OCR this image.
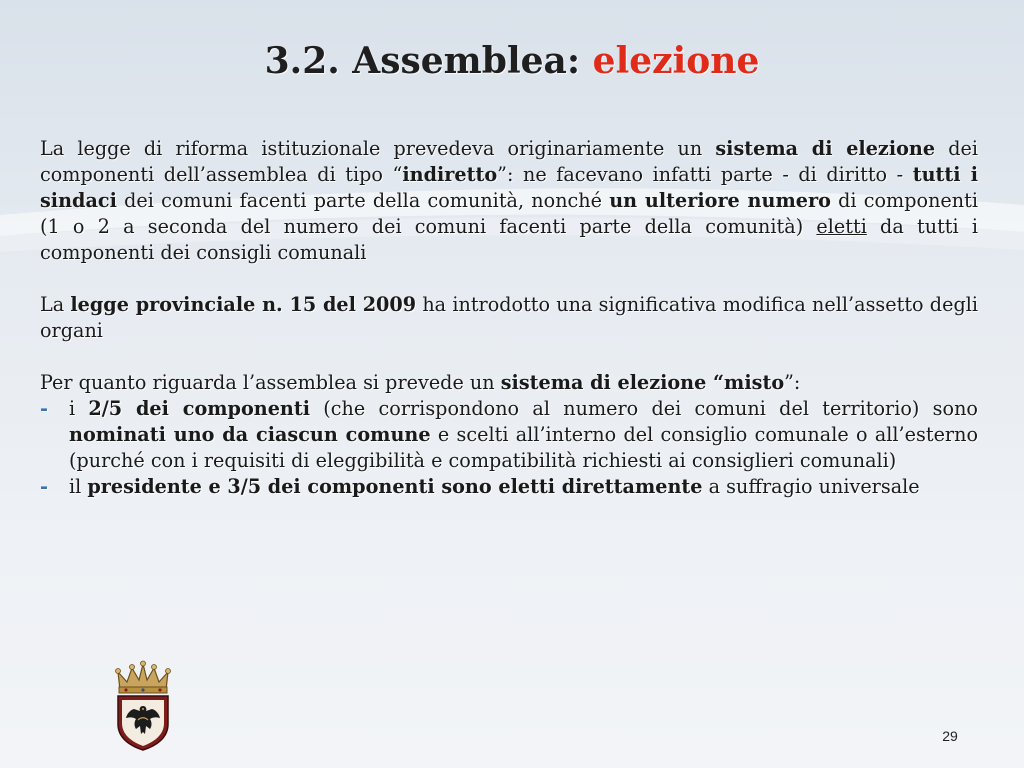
3.2. Assemblea: elezione

La legge di riforma istituzionale prevedeva originariamente un sistema di elezione dei componenti dell’assemblea di tipo “indiretto”: ne facevano infatti parte - di diritto - tutti i sindaci dei comuni facenti parte della comunità, nonché un ulteriore numero di componenti (1 o 2 a seconda del numero dei comuni facenti parte della comunità) eletti da tutti i componenti dei consigli comunali

La legge provinciale n. 15 del 2009 ha introdotto una significativa modifica nell’assetto degli organi

Per quanto riguarda l’assemblea si prevede un sistema di elezione “misto”:

- i 2/5 dei componenti (che corrispondono al numero dei comuni del territorio) sono nominati uno da ciascun comune e scelti all’interno del consiglio comunale o all’esterno (purché con i requisiti di eleggibilità e compatibilità richiesti ai consiglieri comunali)
- il presidente e 3/5 dei componenti sono eletti direttamente a suffragio universale
29
